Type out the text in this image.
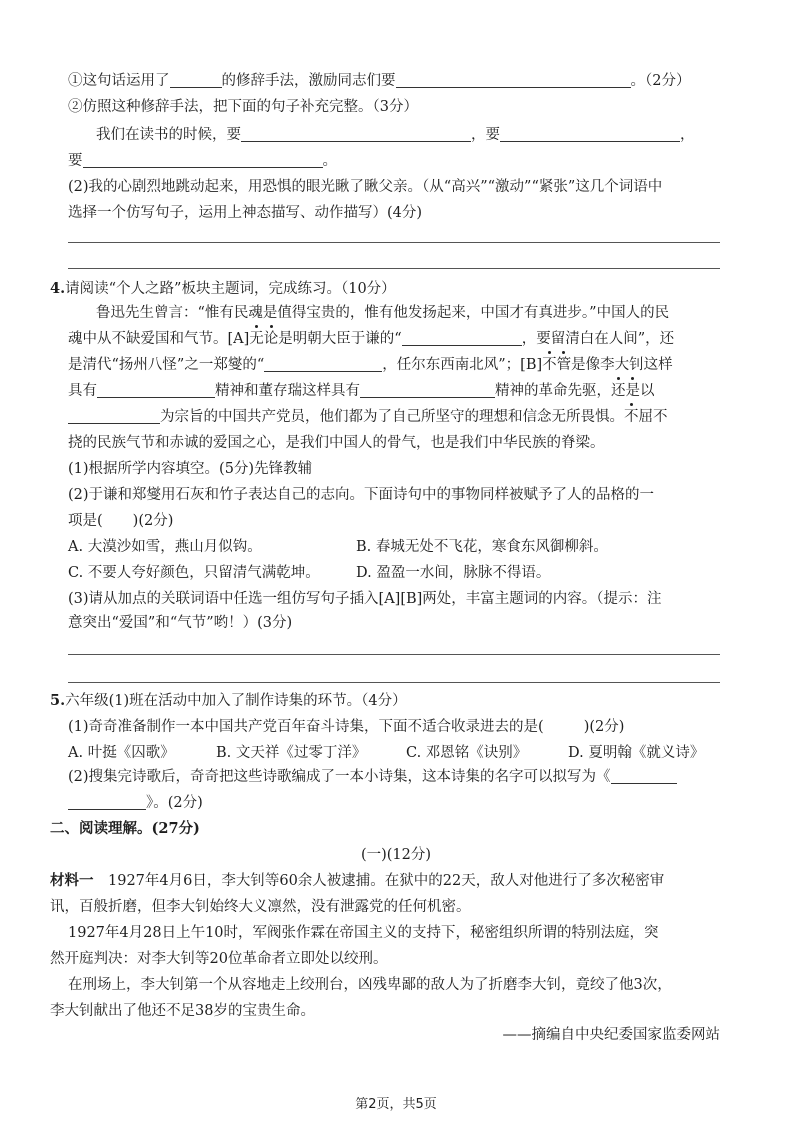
①这句话运用了	的修辞手法，激励同志们要	。（2分）
②仿照这种修辞手法，把下面的句子补充完整。（3分）
我们在读书的时候，要	，要	，
要	。
(2)我的心剧烈地跳动起来，用恐惧的眼光瞅了瞅父亲。（从“高兴”“激动”“紧张”这几个词语中
选择一个仿写句子，运用上神态描写、动作描写）(4分)
4.请阅读“个人之路”板块主题词，完成练习。（10分）
鲁迅先生曾言：“惟有民魂是值得宝贵的，惟有他发扬起来，中国才有真进步。”中国人的民
魂中从不缺爱国和气节。[A]无论是明朝大臣于谦的“	，要留清白在人间”，还
是清代“扬州八怪”之一郑燮的“	，任尔东西南北风”；[B]不管是像李大钊这样
具有	精神和董存瑞这样具有	精神的革命先驱，还是以
为宗旨的中国共产党员，他们都为了自己所坚守的理想和信念无所畏惧。不屈不
挠的民族气节和赤诚的爱国之心，是我们中国人的骨气，也是我们中华民族的脊梁。
(1)根据所学内容填空。(5分)先锋教辅
(2)于谦和郑燮用石灰和竹子表达自己的志向。下面诗句中的事物同样被赋予了人的品格的一
项是( )(2分)
A. 大漠沙如雪，燕山月似钩。	B. 春城无处不飞花，寒食东风御柳斜。
C. 不要人夸好颜色，只留清气满乾坤。 D. 盈盈一水间，脉脉不得语。
(3)请从加点的关联词语中任选一组仿写句子插入[A][B]两处，丰富主题词的内容。（提示：注
意突出“爱国”和“气节”哟！）(3分)
5.六年级(1)班在活动中加入了制作诗集的环节。（4分）
(1)奇奇准备制作一本中国共产党百年奋斗诗集，下面不适合收录进去的是(	)(2分)
A. 叶挺《囚歌》	B. 文天祥《过零丁洋》	C. 邓恩铭《诀别》	D. 夏明翰《就义诗》
(2)搜集完诗歌后，奇奇把这些诗歌编成了一本小诗集，这本诗集的名字可以拟写为《
》。(2分)
二、阅读理解。(27分)
(一)(12分)
材料一　 1927年4月6日，李大钊等60余人被逮捕。在狱中的22天，敌人对他进行了多次秘密审
讯，百般折磨，但李大钊始终大义凛然，没有泄露党的任何机密。
1927年4月28日上午10时，军阀张作霖在帝国主义的支持下，秘密组织所谓的特别法庭，突
然开庭判决：对李大钊等20位革命者立即处以绞刑。
在刑场上，李大钊第一个从容地走上绞刑台，凶残卑鄙的敌人为了折磨李大钊，竟绞了他3次，
李大钊献出了他还不足38岁的宝贵生命。
——摘编自中央纪委国家监委网站
第2页，共5页
